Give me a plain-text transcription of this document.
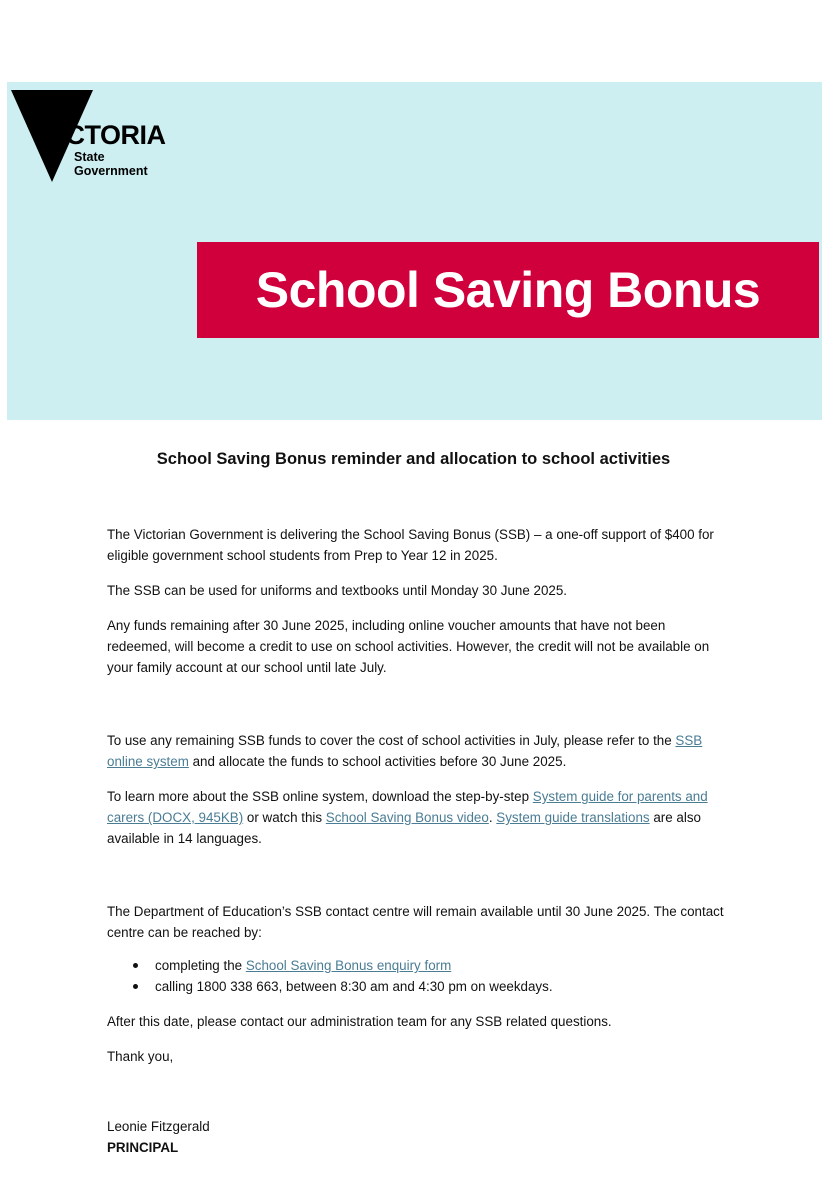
VICTORIA
State
Government
School Saving Bonus
School Saving Bonus reminder and allocation to school activities

The Victorian Government is delivering the School Saving Bonus (SSB) – a one-off support of $400 for eligible government school students from Prep to Year 12 in 2025.

The SSB can be used for uniforms and textbooks until Monday 30 June 2025.

Any funds remaining after 30 June 2025, including online voucher amounts that have not been redeemed, will become a credit to use on school activities. However, the credit will not be available on your family account at our school until late July.

To use any remaining SSB funds to cover the cost of school activities in July, please refer to the SSB online system and allocate the funds to school activities before 30 June 2025.

To learn more about the SSB online system, download the step-by-step System guide for parents and carers (DOCX, 945KB) or watch this School Saving Bonus video. System guide translations are also available in 14 languages.

The Department of Education’s SSB contact centre will remain available until 30 June 2025. The contact centre can be reached by:

completing the School Saving Bonus enquiry form
calling 1800 338 663, between 8:30 am and 4:30 pm on weekdays.

After this date, please contact our administration team for any SSB related questions.

Thank you,

Leonie Fitzgerald

PRINCIPAL
